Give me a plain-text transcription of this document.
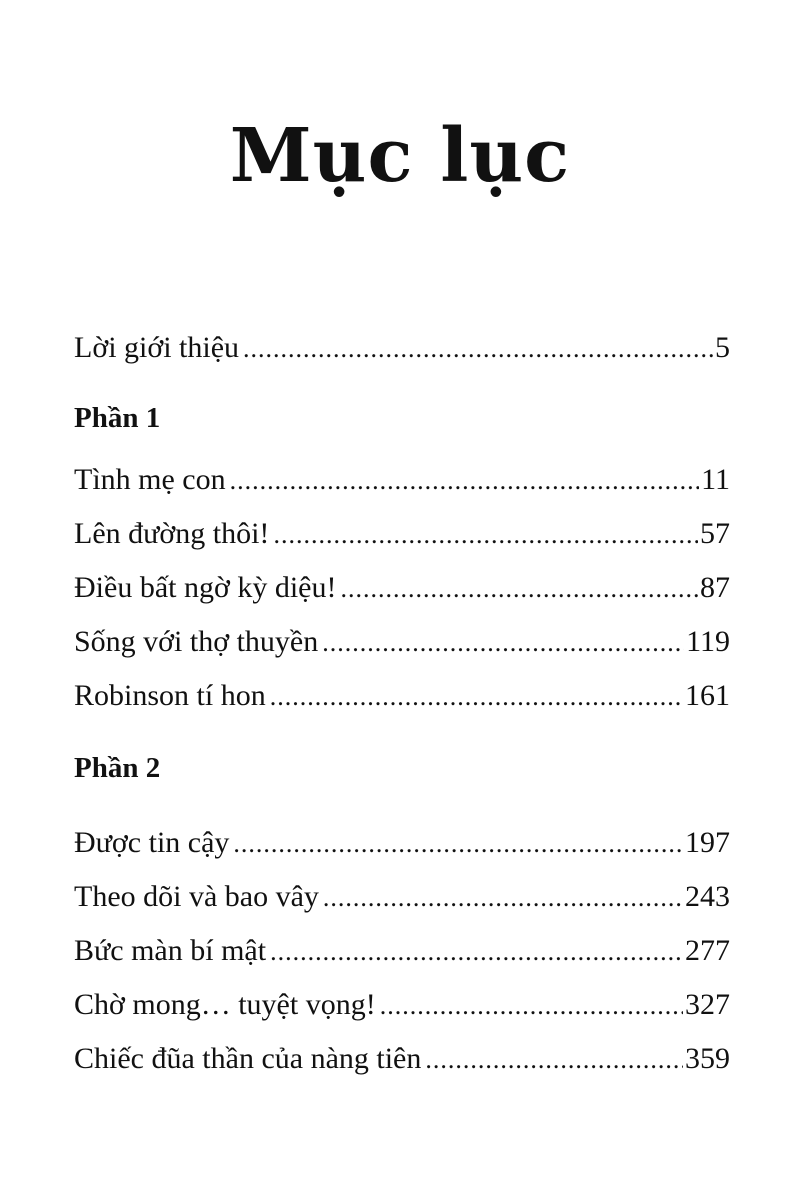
Mục lục
Lời giới thiệu .....	5
Phần 1
Tình mẹ con .....	11
Lên đường thôi! .....	57
Điều bất ngờ kỳ diệu! .....	87
Sống với thợ thuyền .....	119
Robinson tí hon .....	161
Phần 2
Được tin cậy .....	197
Theo dõi và bao vây .....	243
Bức màn bí mật .....	277
Chờ mong… tuyệt vọng! .....	327
Chiếc đũa thần của nàng tiên .....	359
